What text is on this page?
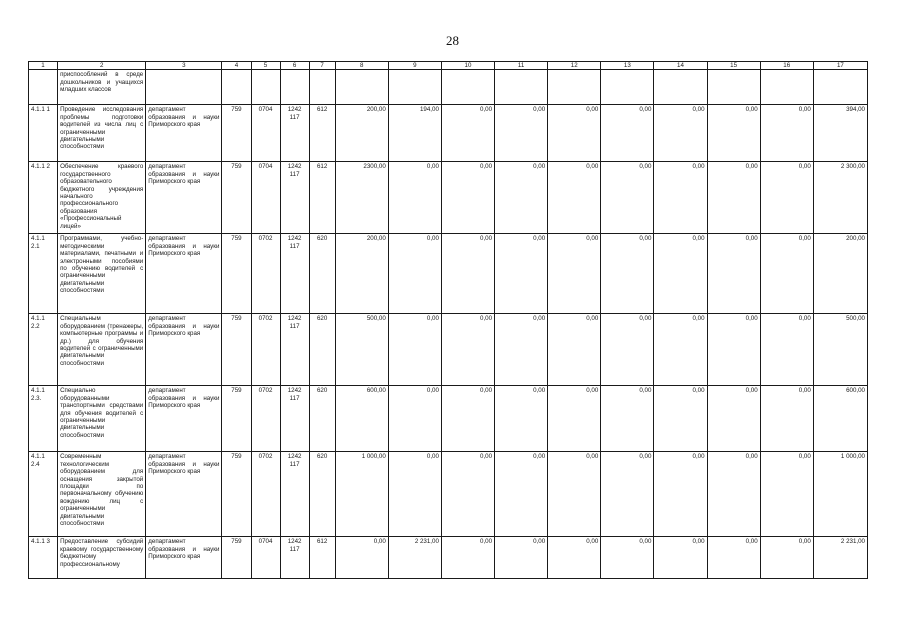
28
1	2	3	4	5	6	7	8	9	10	11	12	13	14	15	16	17
	приспособлений в среде дошкольников и учащихся младших классов															
4.1.1 1	Проведение исследования проблемы подготовки водителей из числа лиц с ограниченными двигательными способностями	департамент образования и науки Приморского края	759	0704	1242 117	612	200,00	194,00	0,00	0,00	0,00	0,00	0,00	0,00	0,00	394,00
4.1.1 2	Обеспечение краевого государственного образовательного бюджетного учреждения начального профессионального образования «Профессиональный лицей»	департамент образования и науки Приморского края	759	0704	1242 117	612	2300,00	0,00	0,00	0,00	0,00	0,00	0,00	0,00	0,00	2 300,00
4.1.1 2.1	Программами, учебно-методическими материалами, печатными и электронными пособиями по обучению водителей с ограниченными двигательными способностями	департамент образования и науки Приморского края	759	0702	1242 117	620	200,00	0,00	0,00	0,00	0,00	0,00	0,00	0,00	0,00	200,00
4.1.1 2.2	Специальным оборудованием (тренажеры, компьютерные программы и др.) для обучения водителей с ограниченными двигательными способностями	департамент образования и науки Приморского края	759	0702	1242 117	620	500,00	0,00	0,00	0,00	0,00	0,00	0,00	0,00	0,00	500,00
4.1.1 2.3.	Специально оборудованными транспортными средствами для обучения водителей с ограниченными двигательными способностями	департамент образования и науки Приморского края	759	0702	1242 117	620	600,00	0,00	0,00	0,00	0,00	0,00	0,00	0,00	0,00	600,00
4.1.1 2.4	Современным технологическим оборудованием для оснащения закрытой площадки по первоначальному обучению вождению лиц с ограниченными двигательными способностями	департамент образования и науки Приморского края	759	0702	1242 117	620	1 000,00	0,00	0,00	0,00	0,00	0,00	0,00	0,00	0,00	1 000,00
4.1.1 3	Предоставление субсидий краевому государственному бюджетному профессиональному	департамент образования и науки Приморского края	759	0704	1242 117	612	0,00	2 231,00	0,00	0,00	0,00	0,00	0,00	0,00	0,00	2 231,00
